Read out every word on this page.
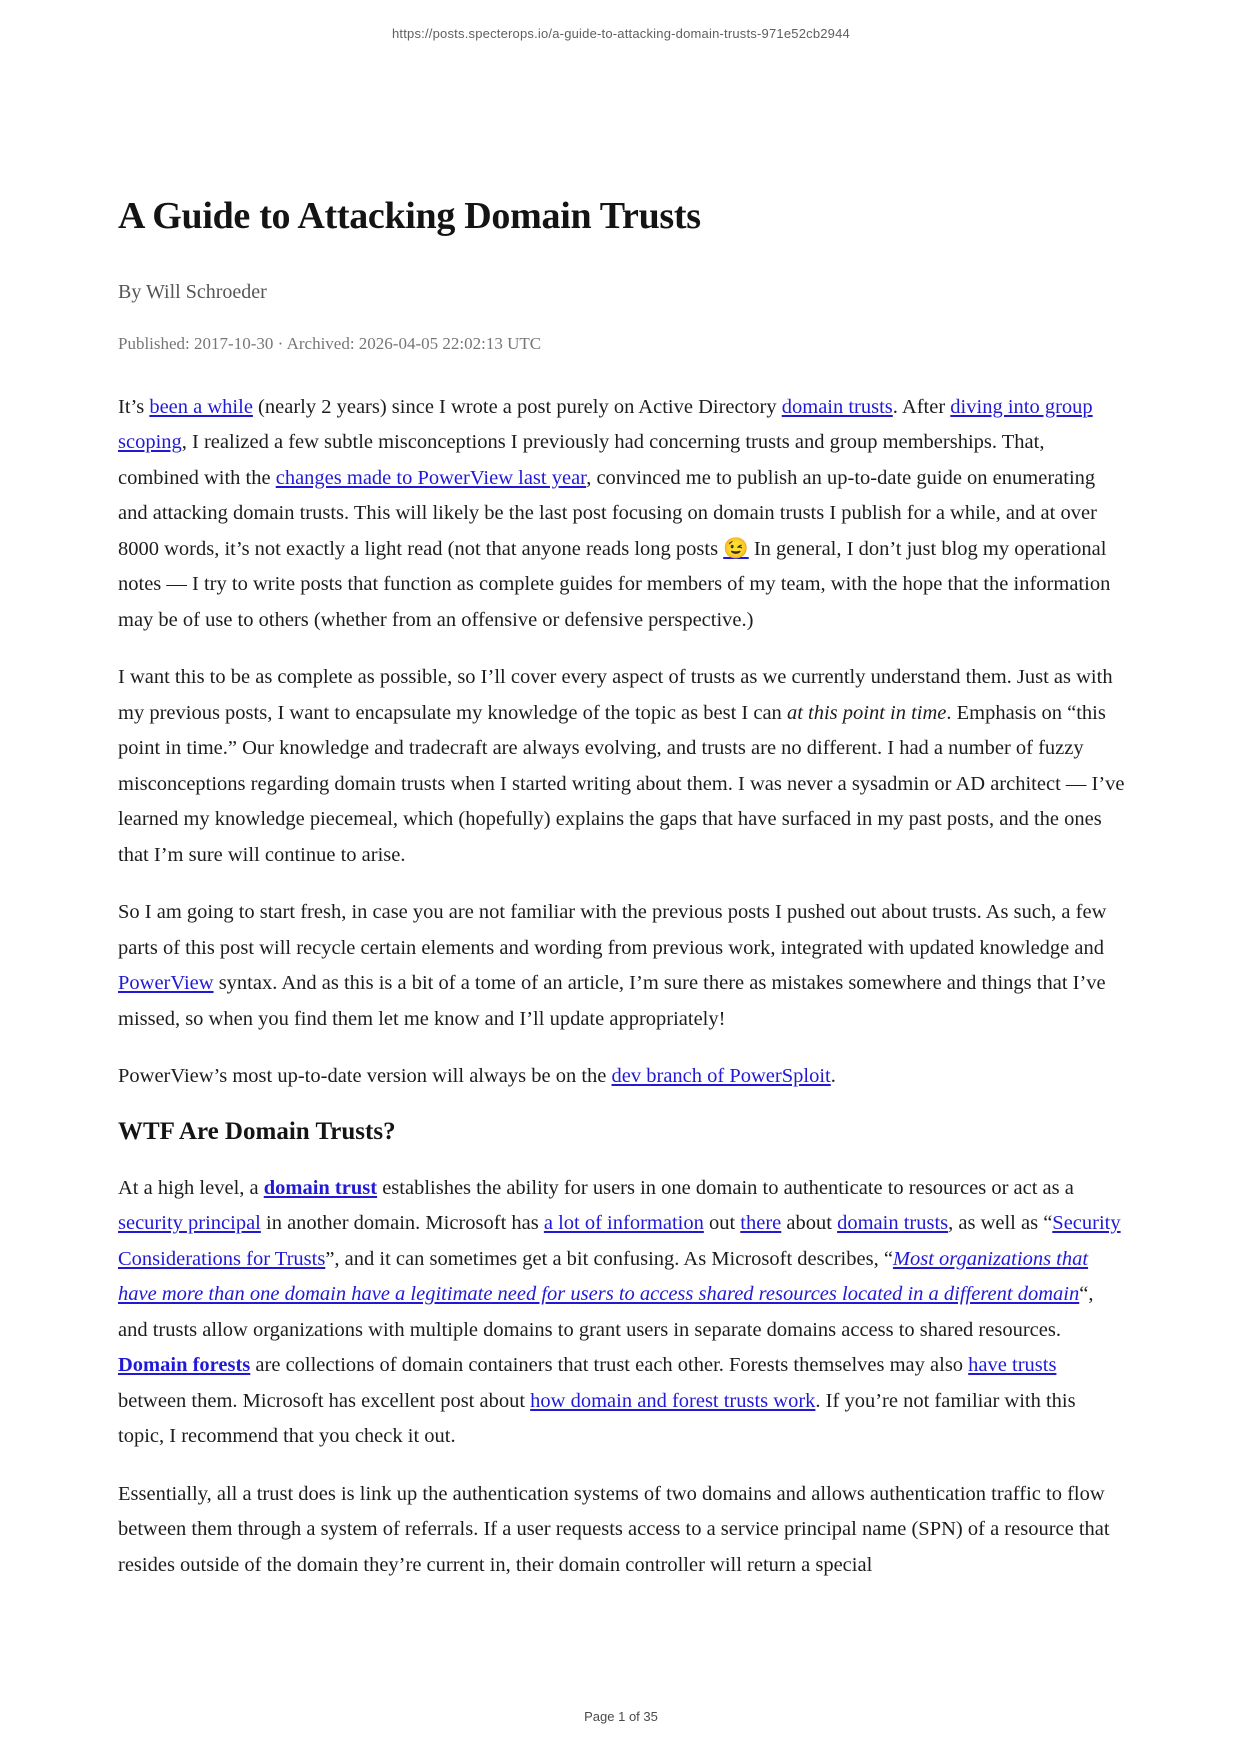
https://posts.specterops.io/a-guide-to-attacking-domain-trusts-971e52cb2944
A Guide to Attacking Domain Trusts
By Will Schroeder
Published: 2017-10-30 · Archived: 2026-04-05 22:02:13 UTC

It’s been a while (nearly 2 years) since I wrote a post purely on Active Directory domain trusts. After diving into group scoping, I realized a few subtle misconceptions I previously had concerning trusts and group memberships. That, combined with the changes made to PowerView last year, convinced me to publish an up-to-date guide on enumerating and attacking domain trusts. This will likely be the last post focusing on domain trusts I publish for a while, and at over 8000 words, it’s not exactly a light read (not that anyone reads long posts 😉 In general, I don’t just blog my operational notes — I try to write posts that function as complete guides for members of my team, with the hope that the information may be of use to others (whether from an offensive or defensive perspective.)

I want this to be as complete as possible, so I’ll cover every aspect of trusts as we currently understand them. Just as with my previous posts, I want to encapsulate my knowledge of the topic as best I can at this point in time. Emphasis on “this point in time.” Our knowledge and tradecraft are always evolving, and trusts are no different. I had a number of fuzzy misconceptions regarding domain trusts when I started writing about them. I was never a sysadmin or AD architect — I’ve learned my knowledge piecemeal, which (hopefully) explains the gaps that have surfaced in my past posts, and the ones that I’m sure will continue to arise.

So I am going to start fresh, in case you are not familiar with the previous posts I pushed out about trusts. As such, a few parts of this post will recycle certain elements and wording from previous work, integrated with updated knowledge and PowerView syntax. And as this is a bit of a tome of an article, I’m sure there as mistakes somewhere and things that I’ve missed, so when you find them let me know and I’ll update appropriately!

PowerView’s most up-to-date version will always be on the dev branch of PowerSploit.

WTF Are Domain Trusts?

At a high level, a domain trust establishes the ability for users in one domain to authenticate to resources or act as a security principal in another domain. Microsoft has a lot of information out there about domain trusts, as well as “Security Considerations for Trusts”, and it can sometimes get a bit confusing. As Microsoft describes, “Most organizations that have more than one domain have a legitimate need for users to access shared resources located in a different domain“, and trusts allow organizations with multiple domains to grant users in separate domains access to shared resources. Domain forests are collections of domain containers that trust each other. Forests themselves may also have trusts between them. Microsoft has excellent post about how domain and forest trusts work. If you’re not familiar with this topic, I recommend that you check it out.

Essentially, all a trust does is link up the authentication systems of two domains and allows authentication traffic to flow between them through a system of referrals. If a user requests access to a service principal name (SPN) of a resource that resides outside of the domain they’re current in, their domain controller will return a special

Page 1 of 35
